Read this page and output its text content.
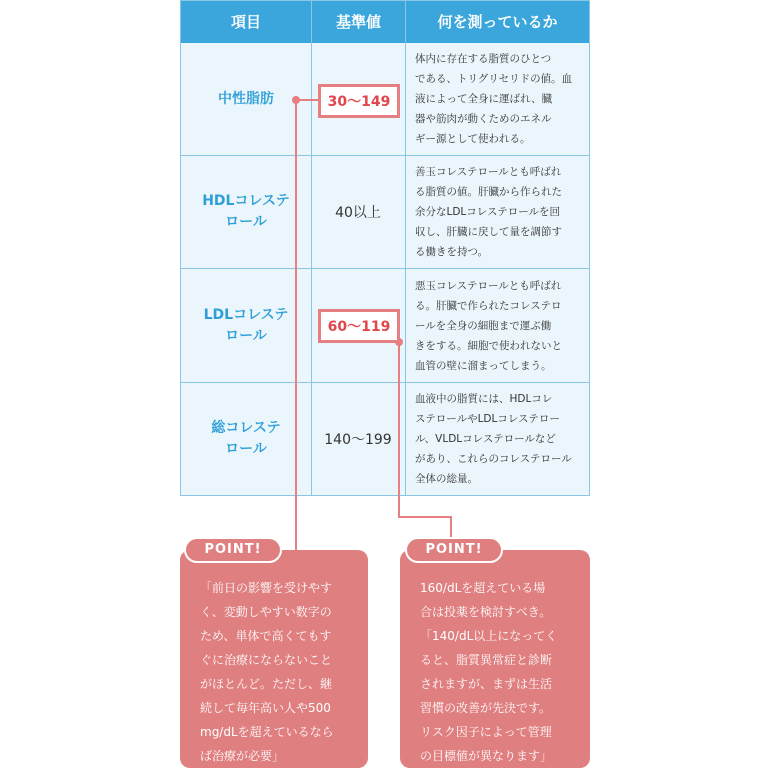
項目	基準値	何を測っているか
中性脂肪
体内に存在する脂質のひとつ
である、トリグリセリドの値。血
液によって全身に運ばれ、臓
器や筋肉が動くためのエネル
ギー源として使われる。
HDLコレステ
ロール
40以上
善玉コレステロールとも呼ばれ
る脂質の値。肝臓から作られた
余分なLDLコレステロールを回
収し、肝臓に戻して量を調節す
る働きを持つ。
LDLコレステ
ロール
悪玉コレステロールとも呼ばれ
る。肝臓で作られたコレステロ
ールを全身の細胞まで運ぶ働
きをする。細胞で使われないと
血管の壁に溜まってしまう。
総コレステ
ロール
140〜199
血液中の脂質には、HDLコレ
ステロールやLDLコレステロー
ル、VLDLコレステロールなど
があり、これらのコレステロール
全体の総量。
30〜149
60〜119
「前日の影響を受けやす
く、変動しやすい数字の
ため、単体で高くてもす
ぐに治療にならないこと
がほとんど。ただし、継
続して毎年高い人や500
mg/dLを超えているなら
ば治療が必要」
POINT!
160/dLを超えている場
合は投薬を検討すべき。
「140/dL以上になってく
ると、脂質異常症と診断
されますが、まずは生活
習慣の改善が先決です。
リスク因子によって管理
の目標値が異なります」
POINT!
